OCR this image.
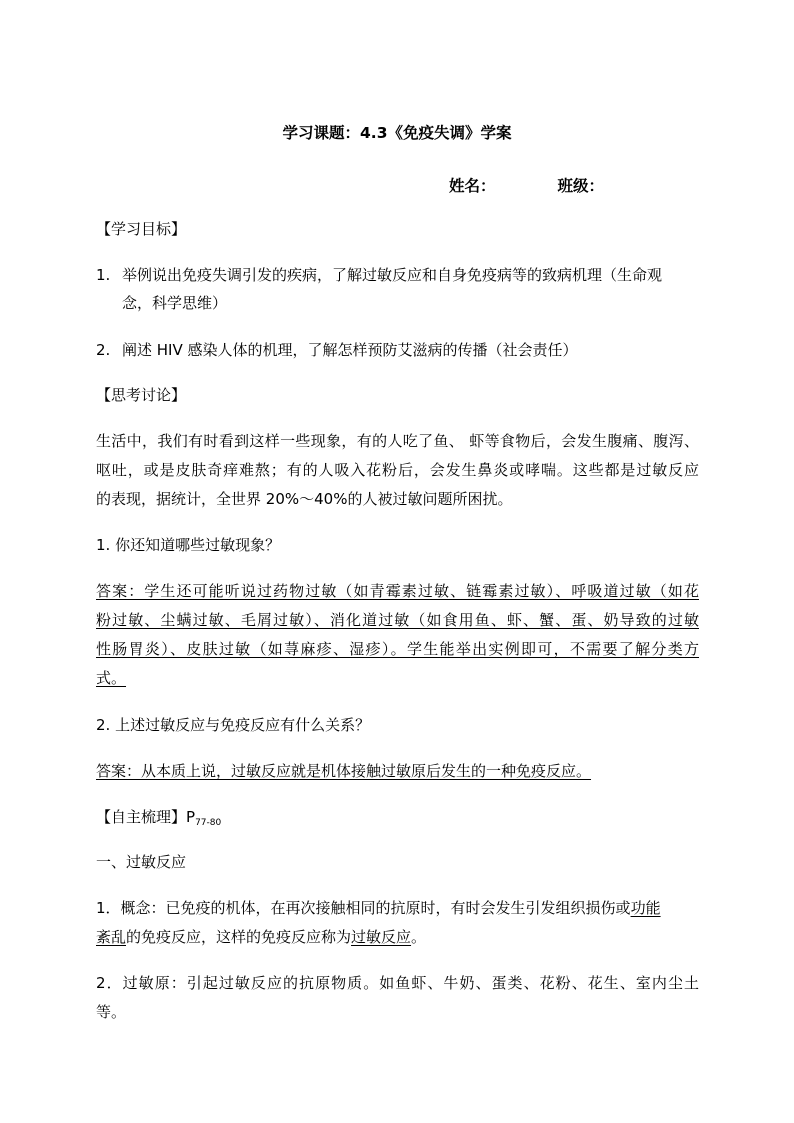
学习课题：4.3《免疫失调》学案
姓名：	班级：
【学习目标】
1. 举例说出免疫失调引发的疾病，了解过敏反应和自身免疫病等的致病机理（生命观
念，科学思维）
2. 阐述 HIV 感染人体的机理，了解怎样预防艾滋病的传播（社会责任）
【思考讨论】
生活中，我们有时看到这样一些现象，有的人吃了鱼、 虾等食物后，会发生腹痛、腹泻、
呕吐，或是皮肤奇痒难熬；有的人吸入花粉后，会发生鼻炎或哮喘。这些都是过敏反应
的表现，据统计，全世界 20%～40%的人被过敏问题所困扰。
1. 你还知道哪些过敏现象？
答案：学生还可能听说过药物过敏（如青霉素过敏、链霉素过敏）、呼吸道过敏（如花
粉过敏、尘螨过敏、毛屑过敏）、消化道过敏（如食用鱼、虾、蟹、蛋、奶导致的过敏
性肠胃炎）、皮肤过敏（如荨麻疹、湿疹）。学生能举出实例即可，不需要了解分类方
式。
2. 上述过敏反应与免疫反应有什么关系？
答案：从本质上说，过敏反应就是机体接触过敏原后发生的一种免疫反应。
【自主梳理】$P_{77-80}$
一、过敏反应
1．概念：已免疫的机体，在再次接触相同的抗原时，有时会发生引发组织损伤或功能
紊乱的免疫反应，这样的免疫反应称为过敏反应。
2．过敏原：引起过敏反应的抗原物质。如鱼虾、牛奶、蛋类、花粉、花生、室内尘土
等。
